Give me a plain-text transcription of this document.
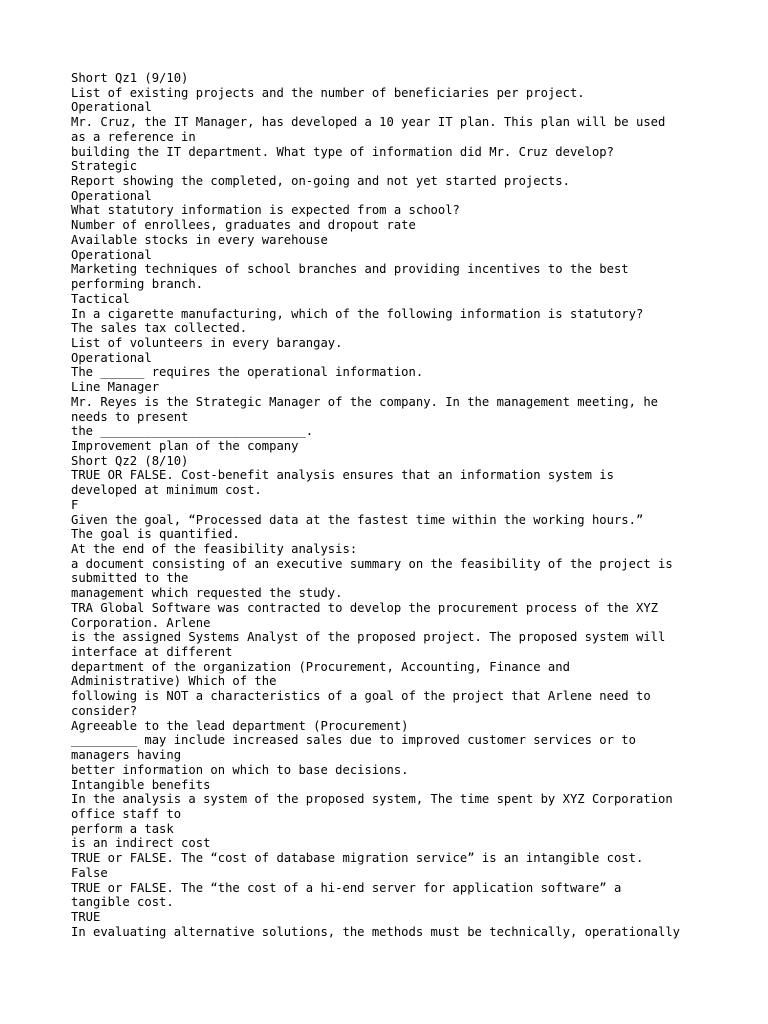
Short Qz1 (9/10)
List of existing projects and the number of beneficiaries per project.
Operational
Mr. Cruz, the IT Manager, has developed a 10 year IT plan. This plan will be used
as a reference in
building the IT department. What type of information did Mr. Cruz develop?
Strategic
Report showing the completed, on-going and not yet started projects.
Operational
What statutory information is expected from a school?
Number of enrollees, graduates and dropout rate
Available stocks in every warehouse
Operational
Marketing techniques of school branches and providing incentives to the best
performing branch.
Tactical
In a cigarette manufacturing, which of the following information is statutory?
The sales tax collected.
List of volunteers in every barangay.
Operational
The ______ requires the operational information.
Line Manager
Mr. Reyes is the Strategic Manager of the company. In the management meeting, he
needs to present
the ____________________________.
Improvement plan of the company
Short Qz2 (8/10)
TRUE OR FALSE. Cost-benefit analysis ensures that an information system is
developed at minimum cost.
F
Given the goal, “Processed data at the fastest time within the working hours.”
The goal is quantified.
At the end of the feasibility analysis:
a document consisting of an executive summary on the feasibility of the project is
submitted to the
management which requested the study.
TRA Global Software was contracted to develop the procurement process of the XYZ
Corporation. Arlene
is the assigned Systems Analyst of the proposed project. The proposed system will
interface at different
department of the organization (Procurement, Accounting, Finance and
Administrative) Which of the
following is NOT a characteristics of a goal of the project that Arlene need to
consider?
Agreeable to the lead department (Procurement)
_________ may include increased sales due to improved customer services or to
managers having
better information on which to base decisions.
Intangible benefits
In the analysis a system of the proposed system, The time spent by XYZ Corporation
office staff to
perform a task
is an indirect cost
TRUE or FALSE. The “cost of database migration service” is an intangible cost.
False
TRUE or FALSE. The “the cost of a hi-end server for application software” a
tangible cost.
TRUE
In evaluating alternative solutions, the methods must be technically, operationally
